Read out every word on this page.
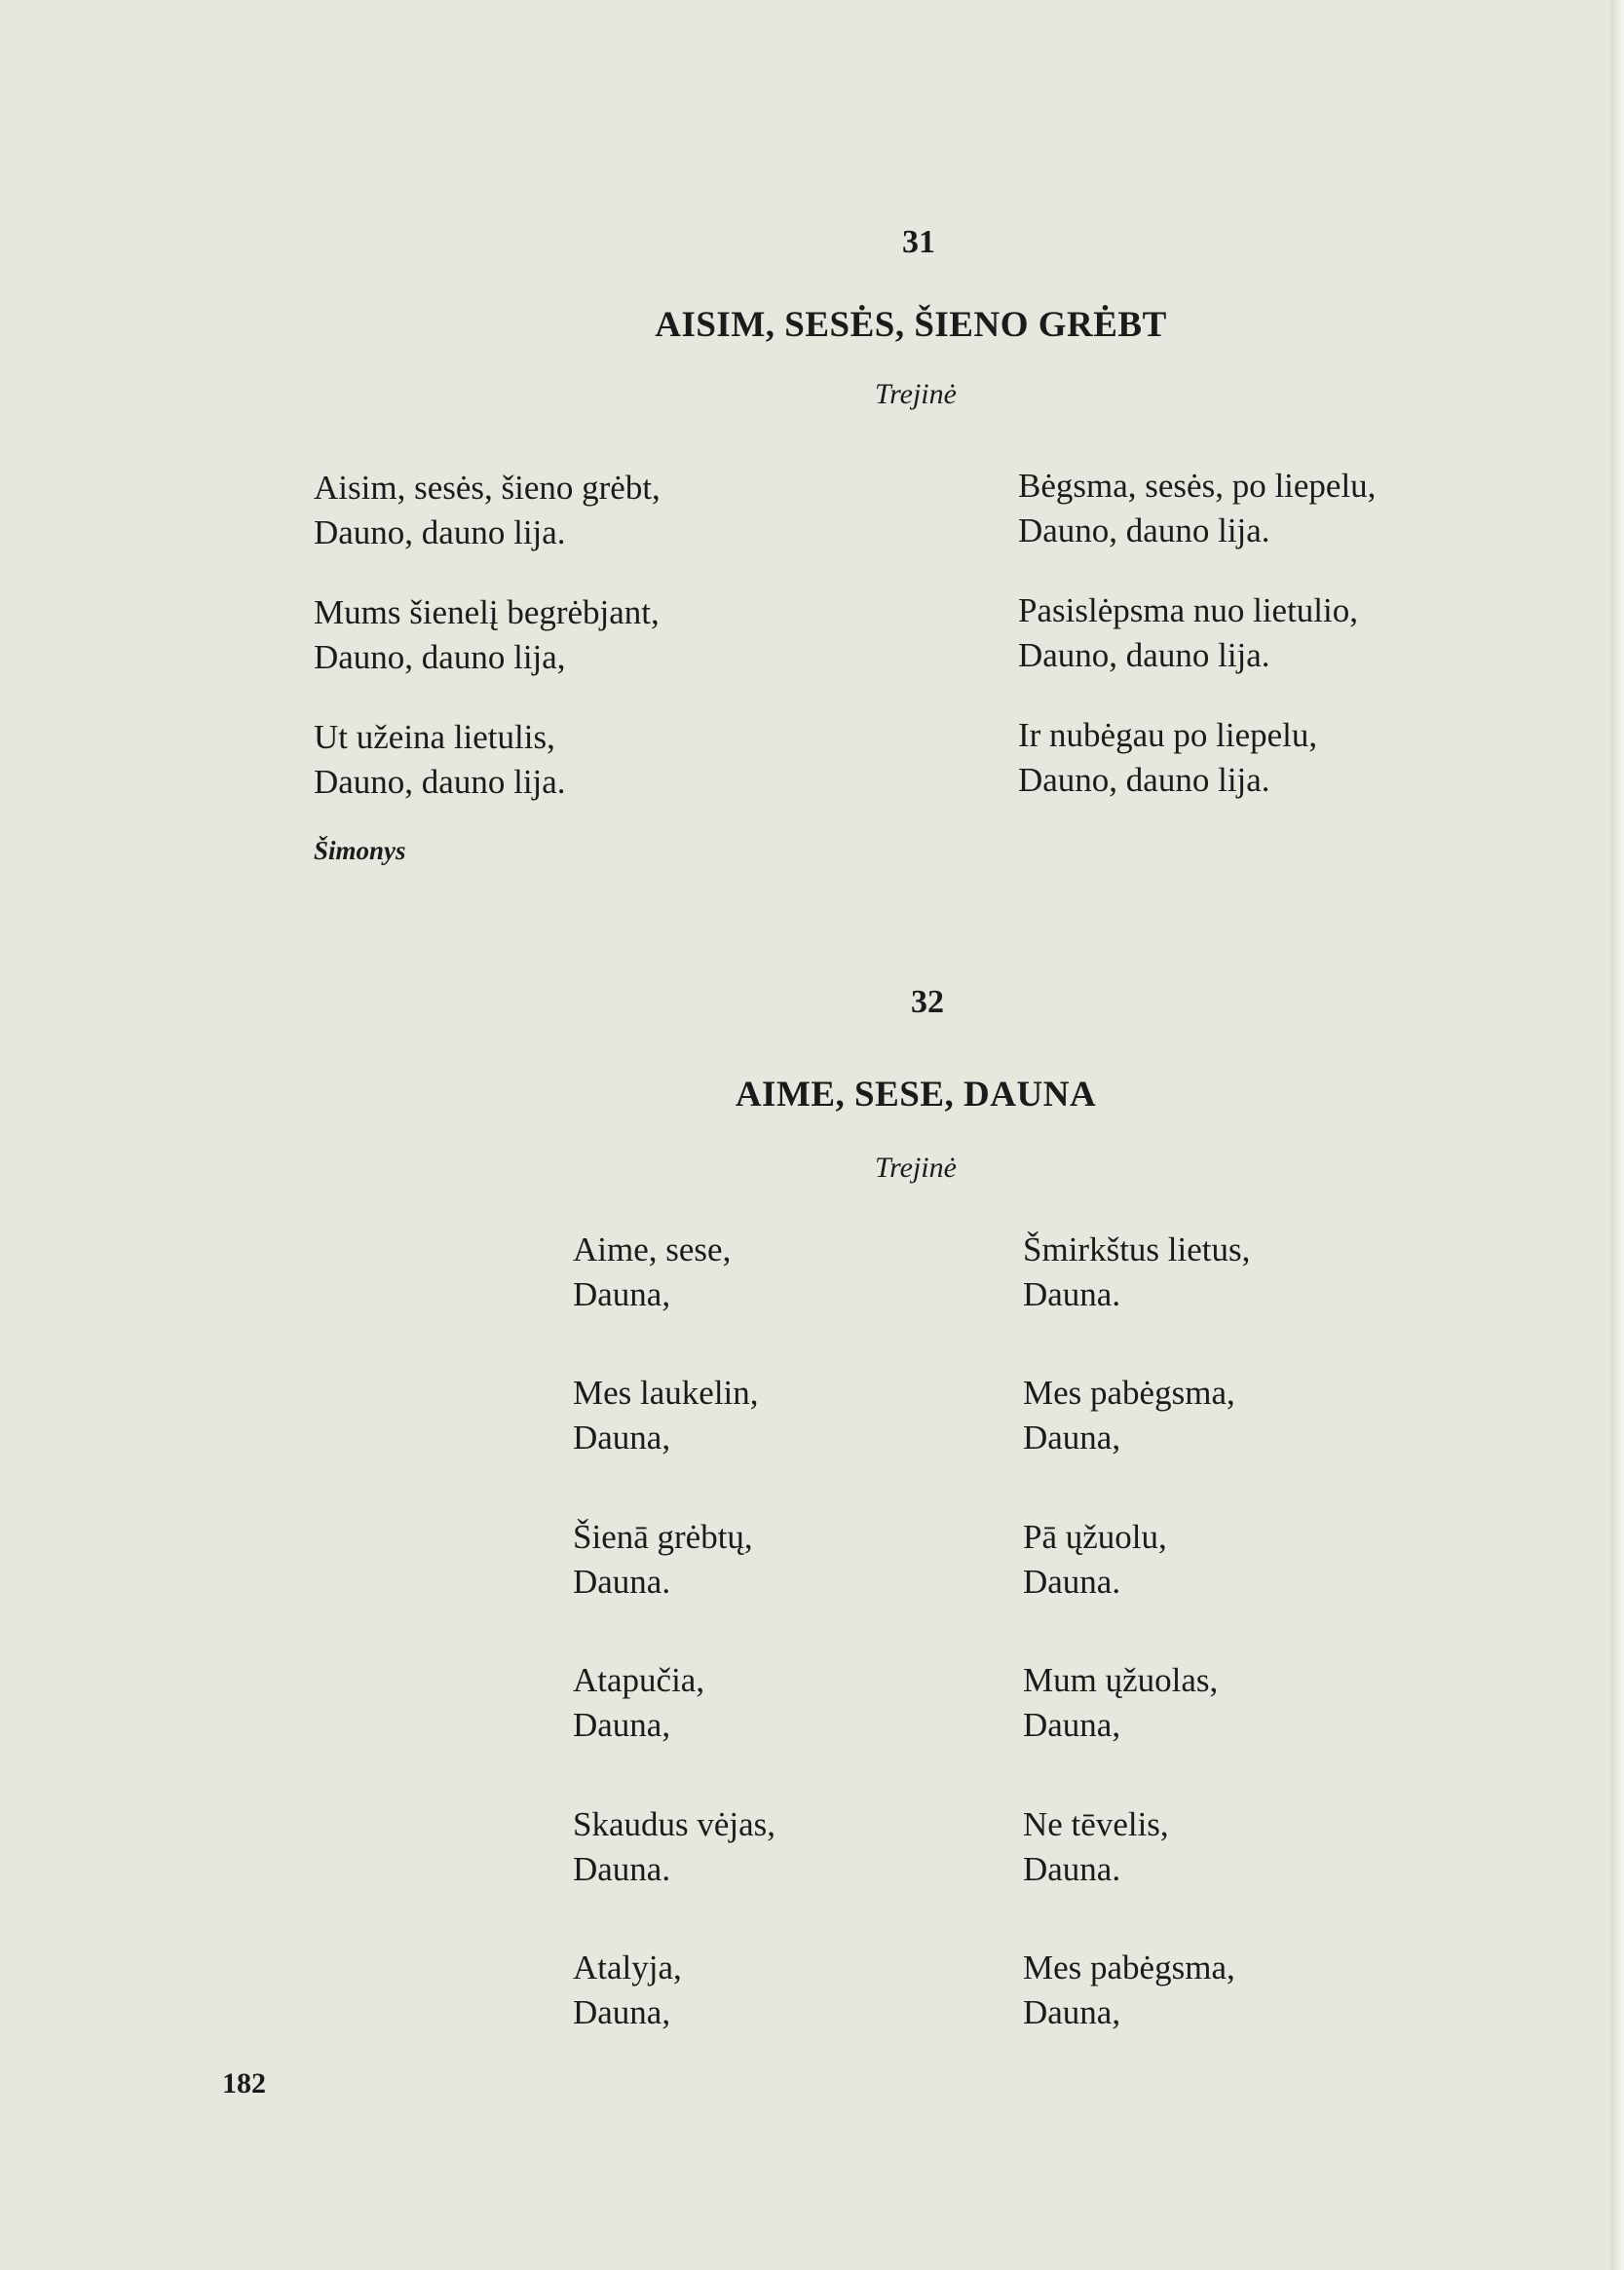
31
AISIM, SESĖS, ŠIENO GRĖBT
Trejinė
Aisim, sesės, šieno grėbt,
Dauno, dauno lija.
Mums šienelį begrėbjant,
Dauno, dauno lija,
Ut užeina lietulis,
Dauno, dauno lija.
Bėgsma, sesės, po liepelu,
Dauno, dauno lija.
Pasislėpsma nuo lietulio,
Dauno, dauno lija.
Ir nubėgau po liepelu,
Dauno, dauno lija.
Šimonys
32
AIME, SESE, DAUNA
Trejinė
Aime, sese,
Dauna,
Mes laukelin,
Dauna,
Šienā grėbtų,
Dauna.
Atapučia,
Dauna,
Skaudus vėjas,
Dauna.
Atalyja,
Dauna,
Šmirkštus lietus,
Dauna.
Mes pabėgsma,
Dauna,
Pā ųžuolu,
Dauna.
Mum ųžuolas,
Dauna,
Ne tēvelis,
Dauna.
Mes pabėgsma,
Dauna,
182
